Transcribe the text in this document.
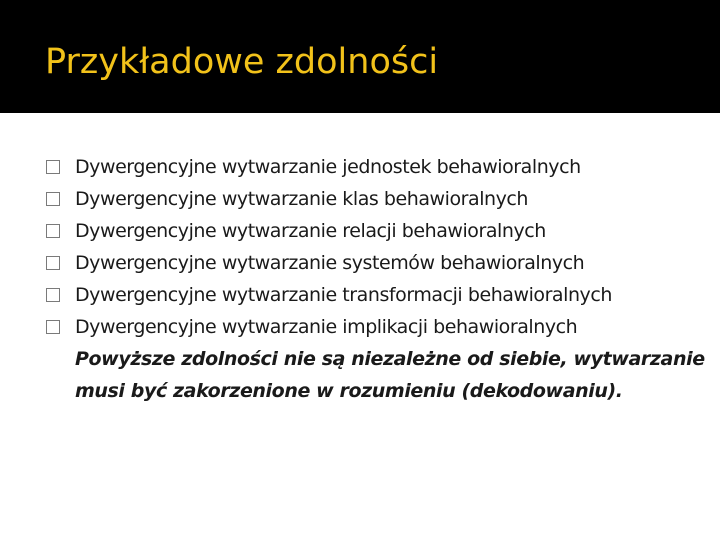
Przykładowe zdolności
Dywergencyjne wytwarzanie jednostek behawioralnych
Dywergencyjne wytwarzanie klas behawioralnych
Dywergencyjne wytwarzanie relacji behawioralnych
Dywergencyjne wytwarzanie systemów behawioralnych
Dywergencyjne wytwarzanie transformacji behawioralnych
Dywergencyjne wytwarzanie implikacji behawioralnych
Powyższe zdolności nie są niezależne od siebie, wytwarzanie musi być zakorzenione w rozumieniu (dekodowaniu).
